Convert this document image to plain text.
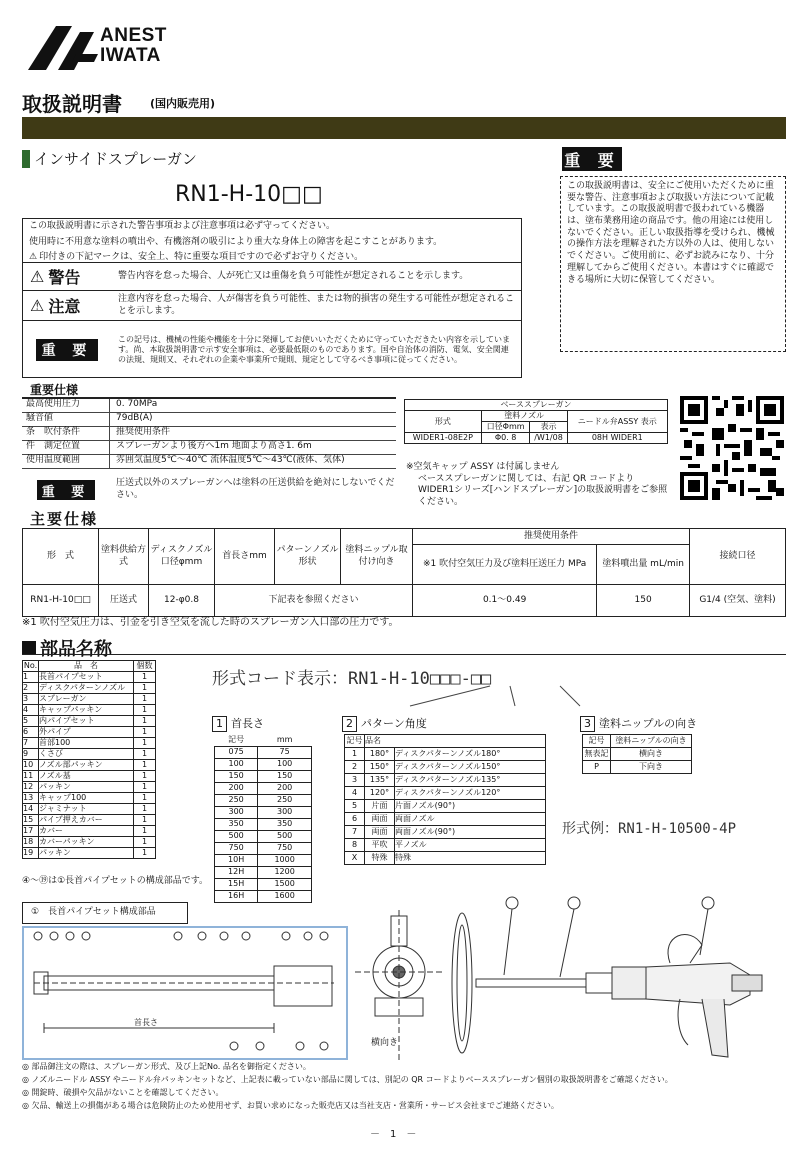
ANEST
IWATA
取扱説明書	(国内販売用)
インサイドスプレーガン
RN1-H-10□□
重 要
この取扱説明書は、安全にご使用いただくために重要な警告、注意事項および取扱い方法について記載しています。この取扱説明書で扱われている機器は、塗布業務用途の商品です。他の用途には使用しないでください。正しい取扱指導を受けられ、機械の操作方法を理解された方以外の人は、使用しないでください。ご使用前に、必ずお読みになり、十分理解してからご使用ください。本書はすぐに確認できる場所に大切に保管してください。
この取扱説明書に示された警告事項および注意事項は必ず守ってください。
使用時に不用意な塗料の噴出や、有機溶剤の吸引により重大な身体上の障害を起こすことがあります。
⚠ 印付きの下記マークは、安全上、特に重要な項目ですので必ずお守りください。
⚠ 警告	警告内容を怠った場合、人が死亡又は重傷を負う可能性が想定されることを示します。
⚠ 注意	注意内容を怠った場合、人が傷害を負う可能性、または物的損害の発生する可能性が想定されることを示します。
重 要
この記号は、機械の性能や機能を十分に発揮してお使いいただくために守っていただきたい内容を示しています。尚、本取扱説明書で示す安全事項は、必要最低限のものであります。国や自治体の消防、電気、安全関連の法規、規則又、それぞれの企業や事業所で規則、規定として守るべき事項に従ってください。
重要仕様
最高使用圧力	0. 70MPa
騒音値	79dB(A)
条　吹付条件	推奨使用条件
件　測定位置	スプレーガンより後方へ1m 地面より高さ1. 6m
使用温度範囲	雰囲気温度5℃～40℃ 流体温度5℃～43℃(液体、気体)
重 要
圧送式以外のスプレーガンへは塗料の圧送供給を絶対にしないでください。
ベーススプレーガン			
形式	塗料ノズル		ニードル弁ASSY 表示
	口径Φmm	表示	
WIDER1-08E2P	Φ0. 8	/W1/08	08H WIDER1
※空気キャップ ASSY は付属しません
ベーススプレーガンに関しては、右記 QR コードより
WIDER1シリーズ[ハンドスプレーガン]の取扱説明書をご参照ください。
主要仕様
形　式	塗料供給方式	ディスクノズル口径φmm	首長さmm	パターンノズル形状	塗料ニップル取付け向き	推奨使用条件		接続口径
						※1 吹付空気圧力及び塗料圧送圧力 MPa	塗料噴出量 mL/min	
RN1-H-10□□	圧送式	12-φ0.8	下記表を参照ください			0.1～0.49	150	G1/4 (空気、塗料)
※1 吹付空気圧力は、引金を引き空気を流した時のスプレーガン入口部の圧力です。
部品名称
No.	品　名	個数
1	長首パイプセット	1
2	ディスクパターンノズル	1
3	スプレーガン	1
4	キャップパッキン	1
5	内パイプセット	1
6	外パイプ	1
7	首部100	1
9	くさび	1
10	ノズル部パッキン	1
11	ノズル基	1
12	パッキン	1
13	キャップ100	1
14	ジャミナット	1
15	パイプ押えカバー	1
17	カバー	1
18	カバーパッキン	1
19	パッキン	1
④～⑲は①長首パイプセットの構成部品です。
形式コード表示：RN1-H-10□□□-□□
1 首長さ
記号	mm
075	75
100	100
150	150
200	200
250	250
300	300
350	350
500	500
750	750
10H	1000
12H	1200
15H	1500
16H	1600
2 パターン角度
記号	品名	
1	180°	ディスクパターンノズル180°
2	150°	ディスクパターンノズル150°
3	135°	ディスクパターンノズル135°
4	120°	ディスクパターンノズル120°
5	片面	片面ノズル(90°)
6	両面	両面ノズル
7	両面	両面ノズル(90°)
8	平吹	平ノズル
X	特殊	特殊
3 塗料ニップルの向き
記号	塗料ニップルの向き
無表記	横向き
P	下向き
形式例：RN1-H-10500-4P
①　長首パイプセット構成部品
首長さ
横向き
◎ 部品御注文の際は、スプレーガン形式、及び上記No. 品名を御指定ください。
◎ ノズルニードル ASSY やニードル弁パッキンセットなど、上記表に載っていない部品に関しては、別記の QR コードよりベーススプレーガン個別の取扱説明書をご確認ください。
◎ 開錠時、破損や欠品がないことを確認してください。
◎ 欠品、輸送上の損傷がある場合は危険防止のため使用せず、お買い求めになった販売店又は当社支店・営業所・サービス会社までご連絡ください。
－　1　－
